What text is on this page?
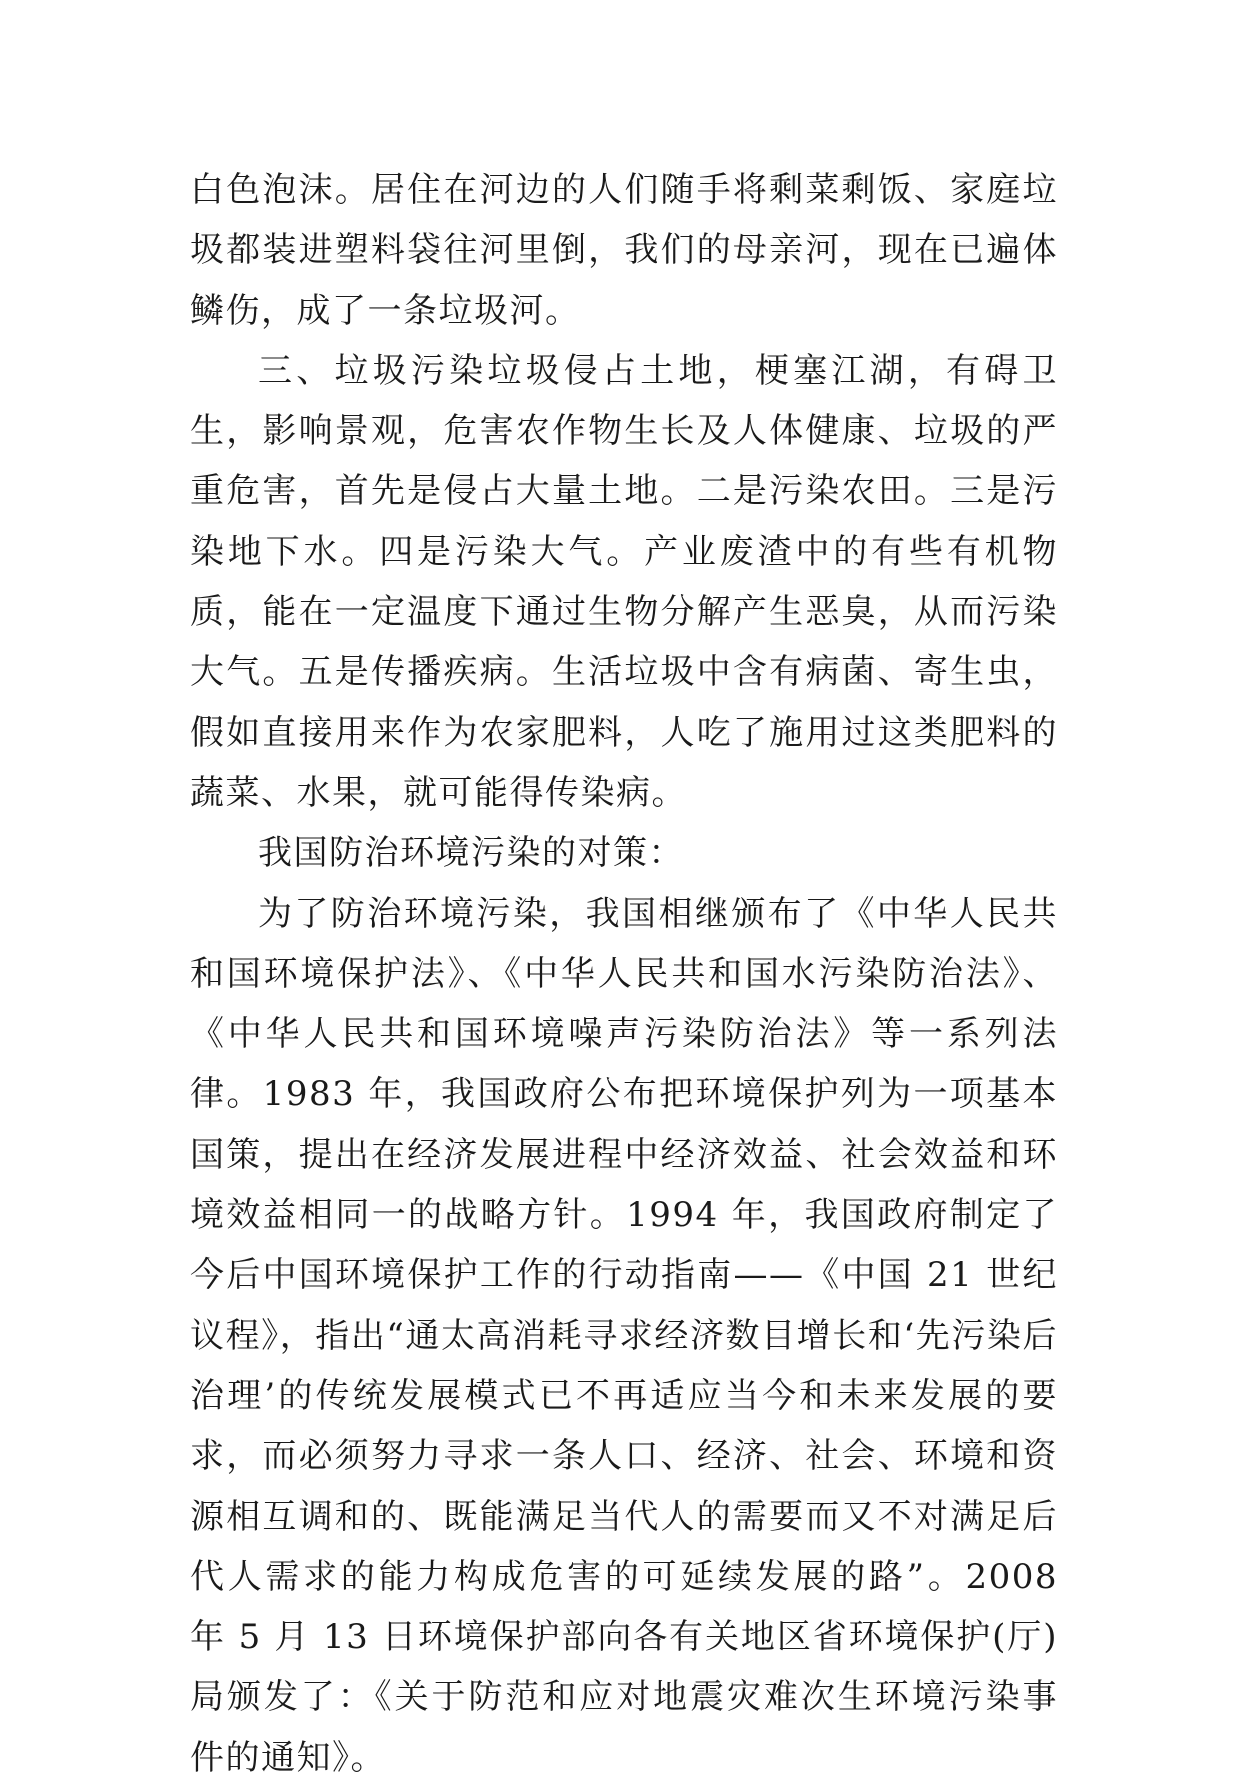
白色泡沫。居住在河边的人们随手将剩菜剩饭、家庭垃圾都装进塑料袋往河里倒，我们的母亲河，现在已遍体鳞伤，成了一条垃圾河。

三、垃圾污染垃圾侵占土地，梗塞江湖，有碍卫生，影响景观，危害农作物生长及人体健康、垃圾的严重危害，首先是侵占大量土地。二是污染农田。三是污染地下水。四是污染大气。产业废渣中的有些有机物质，能在一定温度下通过生物分解产生恶臭，从而污染大气。五是传播疾病。生活垃圾中含有病菌、寄生虫，假如直接用来作为农家肥料，人吃了施用过这类肥料的蔬菜、水果，就可能得传染病。

我国防治环境污染的对策：

为了防治环境污染，我国相继颁布了《中华人民共和国环境保护法》、《中华人民共和国水污染防治法》、《中华人民共和国环境噪声污染防治法》等一系列法律。1983 年，我国政府公布把环境保护列为一项基本国策，提出在经济发展进程中经济效益、社会效益和环境效益相同一的战略方针。1994 年，我国政府制定了今后中国环境保护工作的行动指南——《中国 21 世纪议程》，指出“通太高消耗寻求经济数目增长和‘先污染后治理’的传统发展模式已不再适应当今和未来发展的要求，而必须努力寻求一条人口、经济、社会、环境和资源相互调和的、既能满足当代人的需要而又不对满足后代人需求的能力构成危害的可延续发展的路”。2008 年 5 月 13 日环境保护部向各有关地区省环境保护(厅)局颁发了：《关于防范和应对地震灾难次生环境污染事件的通知》。
